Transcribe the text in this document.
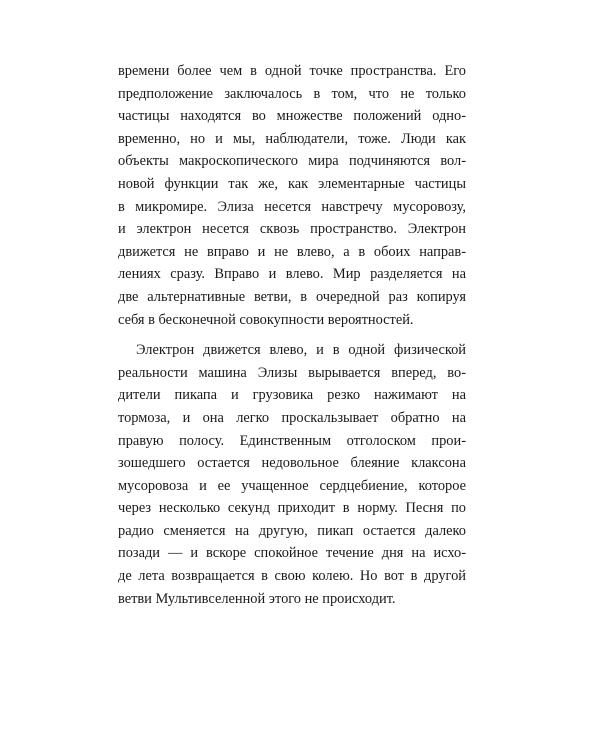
времени более чем в одной точке пространства. Его
предположение заключалось в том, что не только
частицы находятся во множестве положений одно-
временно, но и мы, наблюдатели, тоже. Люди как
объекты макроскопического мира подчиняются вол-
новой функции так же, как элементарные частицы
в микромире. Элиза несется навстречу мусоровозу,
и электрон несется сквозь пространство. Электрон
движется не вправо и не влево, а в обоих направ-
лениях сразу. Вправо и влево. Мир разделяется на
две альтернативные ветви, в очередной раз копируя
себя в бесконечной совокупности вероятностей.
Электрон движется влево, и в одной физической
реальности машина Элизы вырывается вперед, во-
дители пикапа и грузовика резко нажимают на
тормоза, и она легко проскальзывает обратно на
правую полосу. Единственным отголоском прои-
зошедшего остается недовольное блеяние клаксона
мусоровоза и ее учащенное сердцебиение, которое
через несколько секунд приходит в норму. Песня по
радио сменяется на другую, пикап остается далеко
позади — и вскоре спокойное течение дня на исхо-
де лета возвращается в свою колею. Но вот в другой
ветви Мультивселенной этого не происходит.
